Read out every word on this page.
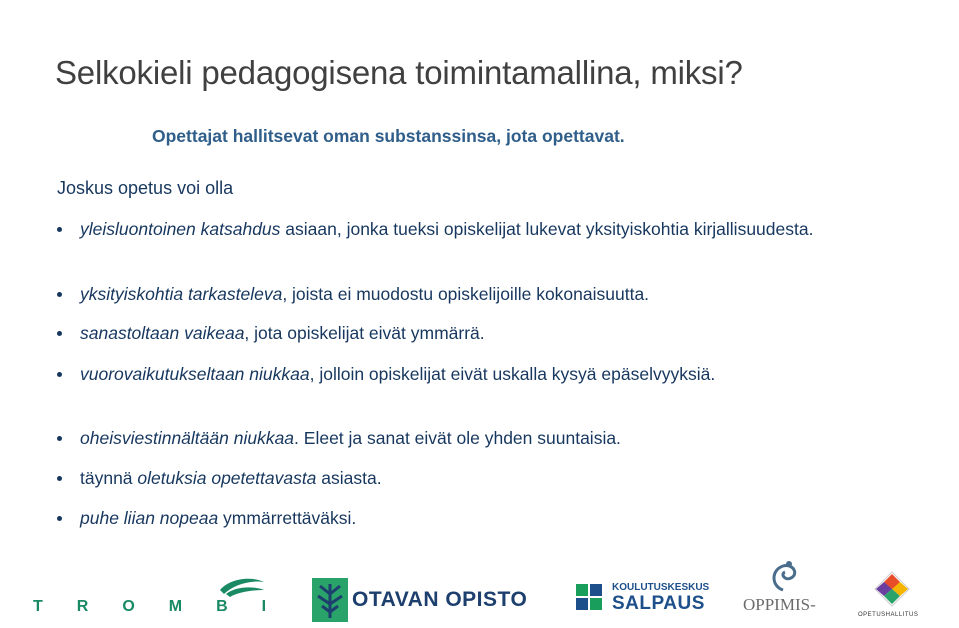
Selkokieli pedagogisena toimintamallina, miksi?
Opettajat hallitsevat oman substanssinsa, jota opettavat.
Joskus opetus voi olla
yleisluontoinen katsahdus asiaan, jonka tueksi opiskelijat lukevat yksityiskohtia kirjallisuudesta.
yksityiskohtia tarkasteleva, joista ei muodostu opiskelijoille kokonaisuutta.
sanastoltaan vaikeaa, jota opiskelijat eivät ymmärrä.
vuorovaikutukseltaan niukkaa, jolloin opiskelijat eivät uskalla kysyä epäselvyyksiä.
oheisviestinnältään niukkaa. Eleet ja sanat eivät ole yhden suuntaisia.
täynnä oletuksia opetettavasta asiasta.
puhe liian nopeaa ymmärrettäväksi.
TROMBI OTAVAN OPISTO
KOULUTUSKESKUS
SALPAUS OPPIMIS-
OPETUSHALLITUS
